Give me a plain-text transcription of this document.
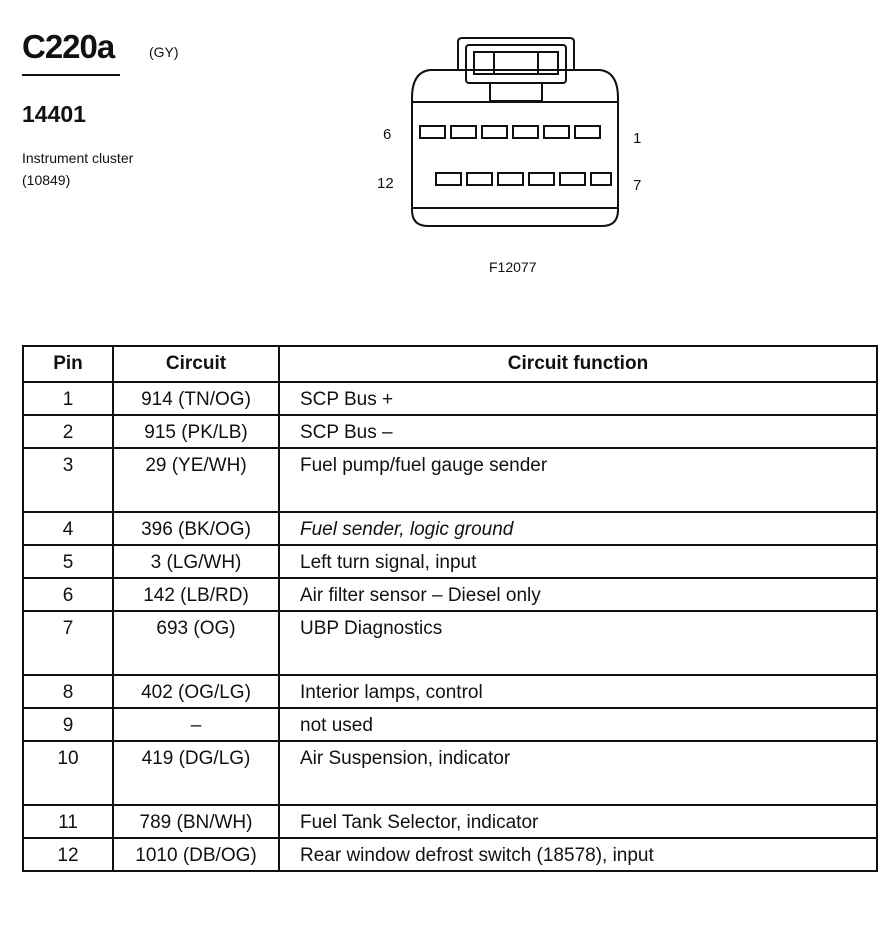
C220a (GY)
14401
Instrument cluster
(10849)
6	1
12	7
F12077
Pin	Circuit	Circuit function
1	914 (TN/OG)	SCP Bus +
2	915 (PK/LB)	SCP Bus –
3	29 (YE/WH)	Fuel pump/fuel gauge sender
4	396 (BK/OG)	Fuel sender, logic ground
5	3 (LG/WH)	Left turn signal, input
6	142 (LB/RD)	Air filter sensor – Diesel only
7	693 (OG)	UBP Diagnostics
8	402 (OG/LG)	Interior lamps, control
9	–	not used
10	419 (DG/LG)	Air Suspension, indicator
11	789 (BN/WH)	Fuel Tank Selector, indicator
12	1010 (DB/OG)	Rear window defrost switch (18578), input
